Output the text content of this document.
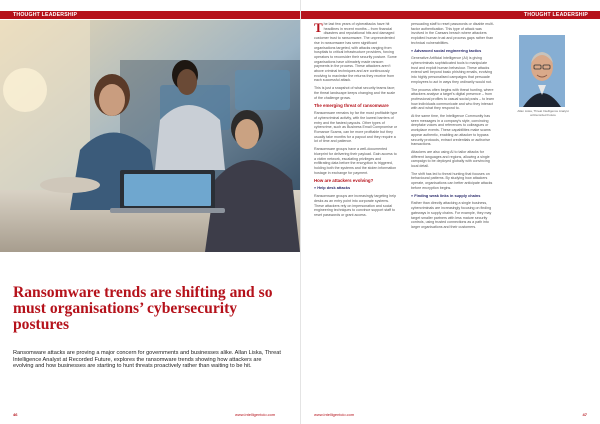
THOUGHT LEADERSHIP
Ransomware trends are shifting and so must organisations’ cybersecurity postures
Ransomware attacks are proving a major concern for governments and businesses alike. Allan Liska, Threat Intelligence Analyst at Recorded Future, explores the ransomware trends showing how attackers are evolving and how businesses are starting to hunt threats proactively rather than waiting to be hit.
46	www.intelligentcio.com
THOUGHT LEADERSHIP

The last few years of cyberattacks have hit headlines in recent months – from financial disasters and reputational hits and damaged customer trust to ransomware. The unprecedented rise in ransomware has seen significant organisations targeted, with attacks ranging from hospitals to critical infrastructure providers, forcing operators to reconsider their security posture. Some organisations have ultimately made ransom payments in the process. These attackers aren’t above criminal techniques and are continuously evolving to maximise the returns they receive from each successful attack.

This is just a snapshot of what security teams face; the threat landscape keeps changing and the scale of the challenge grows.

The emerging threat of ransomware

Ransomware remains by far the most profitable type of cybercriminal activity, with the lowest barriers of entry and the fastest payouts. Other types of cybercrime, such as Business Email Compromise or Romance Scams, can be more profitable but they usually take months for a payout and they require a lot of time and patience.

Ransomware groups have a well-documented blueprint for delivering their payload. Gain access to a victim network, escalating privileges and exfiltrating data before the encryption is triggered, holding both the systems and the stolen information hostage in exchange for payment.

How are attackers evolving?
» Help desk attacks

Ransomware groups are increasingly targeting help desks as an entry point into corporate systems. These attackers rely on impersonation and social engineering techniques to convince support staff to reset passwords or grant access.

persuading staff to reset passwords or disable multi-factor authentication. This type of attack was involved in the Caesars breach where attackers exploited human trust and process gaps rather than technical vulnerabilities.

» Advanced social engineering tactics

Generative Artificial Intelligence (AI) is giving cybercriminals sophisticated tools to manipulate trust and exploit human behaviour. These attacks extend well beyond basic phishing emails, evolving into highly personalised campaigns that persuade employees to act in ways they ordinarily would not.

The process often begins with threat hunting, where attackers analyse a target’s digital presence – from professional profiles to casual social posts – to learn how individuals communicate and who they interact with and what they respond to.

At the same time, the Intelligence Community has seen messages in a company’s style, convincing deepfake voices and references to colleagues or workplace events. These capabilities make scams appear authentic, enabling an attacker to bypass security protocols, extract credentials or authorise transactions.

Attackers are also using AI to tailor attacks for different languages and regions, allowing a single campaign to be deployed globally with convincing local detail.

The shift has led to threat hunting that focuses on behavioural patterns. By studying how attackers operate, organisations can better anticipate attacks before encryption begins.

» Finding weak links in supply chains

Rather than directly attacking a single business, cybercriminals are increasingly focusing on finding gateways in supply chains. For example, they may target smaller partners with less mature security controls, using trusted connections as a path into larger organisations and their customers.

Allan Liska, Threat Intelligence Analyst at Recorded Future
www.intelligentcio.com	47
